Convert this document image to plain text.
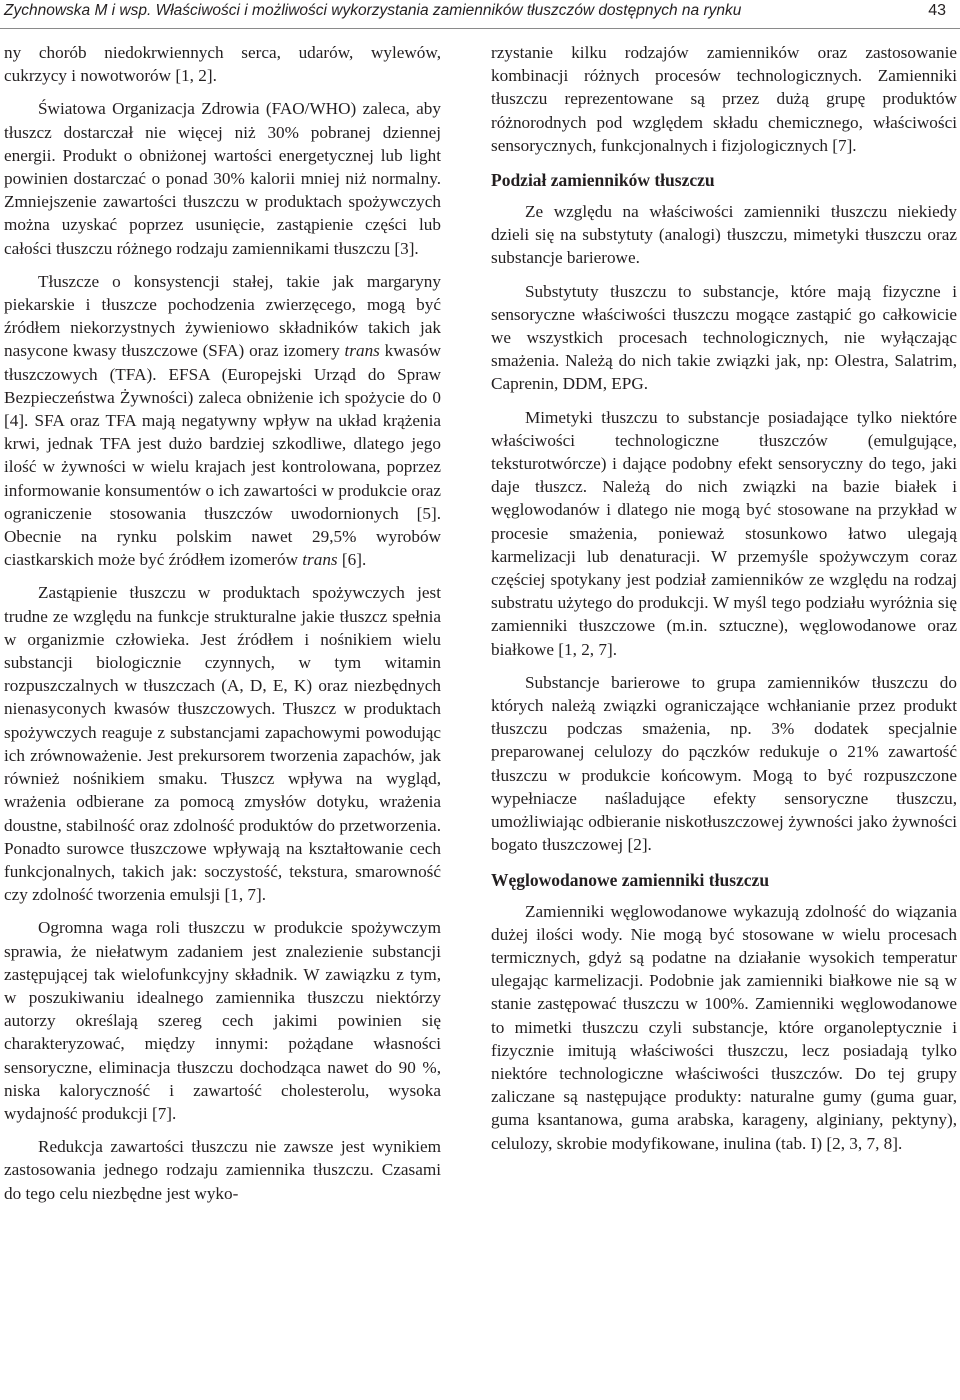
Zychnowska M i wsp. Właściwości i możliwości wykorzystania zamienników tłuszczów dostępnych na rynku	43

ny chorób niedokrwiennych serca, udarów, wylewów, cukrzycy i nowotworów [1, 2].

Światowa Organizacja Zdrowia (FAO/WHO) zaleca, aby tłuszcz dostarczał nie więcej niż 30% pobranej dziennej energii. Produkt o obniżonej wartości energetycznej lub light powinien dostarczać o ponad 30% kalorii mniej niż normalny. Zmniejszenie zawartości tłuszczu w produktach spożywczych można uzyskać poprzez usunięcie, zastąpienie części lub całości tłuszczu różnego rodzaju zamiennikami tłuszczu [3].

Tłuszcze o konsystencji stałej, takie jak margaryny piekarskie i tłuszcze pochodzenia zwierzęcego, mogą być źródłem niekorzystnych żywieniowo składników takich jak nasycone kwasy tłuszczowe (SFA) oraz izomery trans kwasów tłuszczowych (TFA). EFSA (Europejski Urząd do Spraw Bezpieczeństwa Żywności) zaleca obniżenie ich spożycie do 0 [4]. SFA oraz TFA mają negatywny wpływ na układ krążenia krwi, jednak TFA jest dużo bardziej szkodliwe, dlatego jego ilość w żywności w wielu krajach jest kontrolowana, poprzez informowanie konsumentów o ich zawartości w produkcie oraz ograniczenie stosowania tłuszczów uwodornionych [5]. Obecnie na rynku polskim nawet 29,5% wyrobów ciastkarskich może być źródłem izomerów trans [6].

Zastąpienie tłuszczu w produktach spożywczych jest trudne ze względu na funkcje strukturalne jakie tłuszcz spełnia w organizmie człowieka. Jest źródłem i nośnikiem wielu substancji biologicznie czynnych, w tym witamin rozpuszczalnych w tłuszczach (A, D, E, K) oraz niezbędnych nienasyconych kwasów tłuszczowych. Tłuszcz w produktach spożywczych reaguje z substancjami zapachowymi powodując ich zrównoważenie. Jest prekursorem tworzenia zapachów, jak również nośnikiem smaku. Tłuszcz wpływa na wygląd, wrażenia odbierane za pomocą zmysłów dotyku, wrażenia doustne, stabilność oraz zdolność produktów do przetworzenia. Ponadto surowce tłuszczowe wpływają na kształtowanie cech funkcjonalnych, takich jak: soczystość, tekstura, smarowność czy zdolność tworzenia emulsji [1, 7].

Ogromna waga roli tłuszczu w produkcie spożywczym sprawia, że niełatwym zadaniem jest znalezienie substancji zastępującej tak wielofunkcyjny składnik. W zawiązku z tym, w poszukiwaniu idealnego zamiennika tłuszczu niektórzy autorzy określają szereg cech jakimi powinien się charakteryzować, między innymi: pożądane własności sensoryczne, eliminacja tłuszczu dochodząca nawet do 90 %, niska kaloryczność i zawartość cholesterolu, wysoka wydajność produkcji [7].

Redukcja zawartości tłuszczu nie zawsze jest wynikiem zastosowania jednego rodzaju zamiennika tłuszczu. Czasami do tego celu niezbędne jest wyko-

rzystanie kilku rodzajów zamienników oraz zastosowanie kombinacji różnych procesów technologicznych. Zamienniki tłuszczu reprezentowane są przez dużą grupę produktów różnorodnych pod względem składu chemicznego, właściwości sensorycznych, funkcjonalnych i fizjologicznych [7].

Podział zamienników tłuszczu

Ze względu na właściwości zamienniki tłuszczu niekiedy dzieli się na substytuty (analogi) tłuszczu, mimetyki tłuszczu oraz substancje barierowe.

Substytuty tłuszczu to substancje, które mają fizyczne i sensoryczne właściwości tłuszczu mogące zastąpić go całkowicie we wszystkich procesach technologicznych, nie wyłączając smażenia. Należą do nich takie związki jak, np: Olestra, Salatrim, Caprenin, DDM, EPG.

Mimetyki tłuszczu to substancje posiadające tylko niektóre właściwości technologiczne tłuszczów (emulgujące, teksturotwórcze) i dające podobny efekt sensoryczny do tego, jaki daje tłuszcz. Należą do nich związki na bazie białek i węglowodanów i dlatego nie mogą być stosowane na przykład w procesie smażenia, ponieważ stosunkowo łatwo ulegają karmelizacji lub denaturacji. W przemyśle spożywczym coraz częściej spotykany jest podział zamienników ze względu na rodzaj substratu użytego do produkcji. W myśl tego podziału wyróżnia się zamienniki tłuszczowe (m.in. sztuczne), węglowodanowe oraz białkowe [1, 2, 7].

Substancje barierowe to grupa zamienników tłuszczu do których należą związki ograniczające wchłanianie przez produkt tłuszczu podczas smażenia, np. 3% dodatek specjalnie preparowanej celulozy do pączków redukuje o 21% zawartość tłuszczu w produkcie końcowym. Mogą to być rozpuszczone wypełniacze naśladujące efekty sensoryczne tłuszczu, umożliwiając odbieranie niskotłuszczowej żywności jako żywności bogato tłuszczowej [2].

Węglowodanowe zamienniki tłuszczu

Zamienniki węglowodanowe wykazują zdolność do wiązania dużej ilości wody. Nie mogą być stosowane w wielu procesach termicznych, gdyż są podatne na działanie wysokich temperatur ulegając karmelizacji. Podobnie jak zamienniki białkowe nie są w stanie zastępować tłuszczu w 100%. Zamienniki węglowodanowe to mimetki tłuszczu czyli substancje, które organoleptycznie i fizycznie imitują właściwości tłuszczu, lecz posiadają tylko niektóre technologiczne właściwości tłuszczów. Do tej grupy zaliczane są następujące produkty: naturalne gumy (guma guar, guma ksantanowa, guma arabska, karageny, alginiany, pektyny), celulozy, skrobie modyfikowane, inulina (tab. I) [2, 3, 7, 8].
